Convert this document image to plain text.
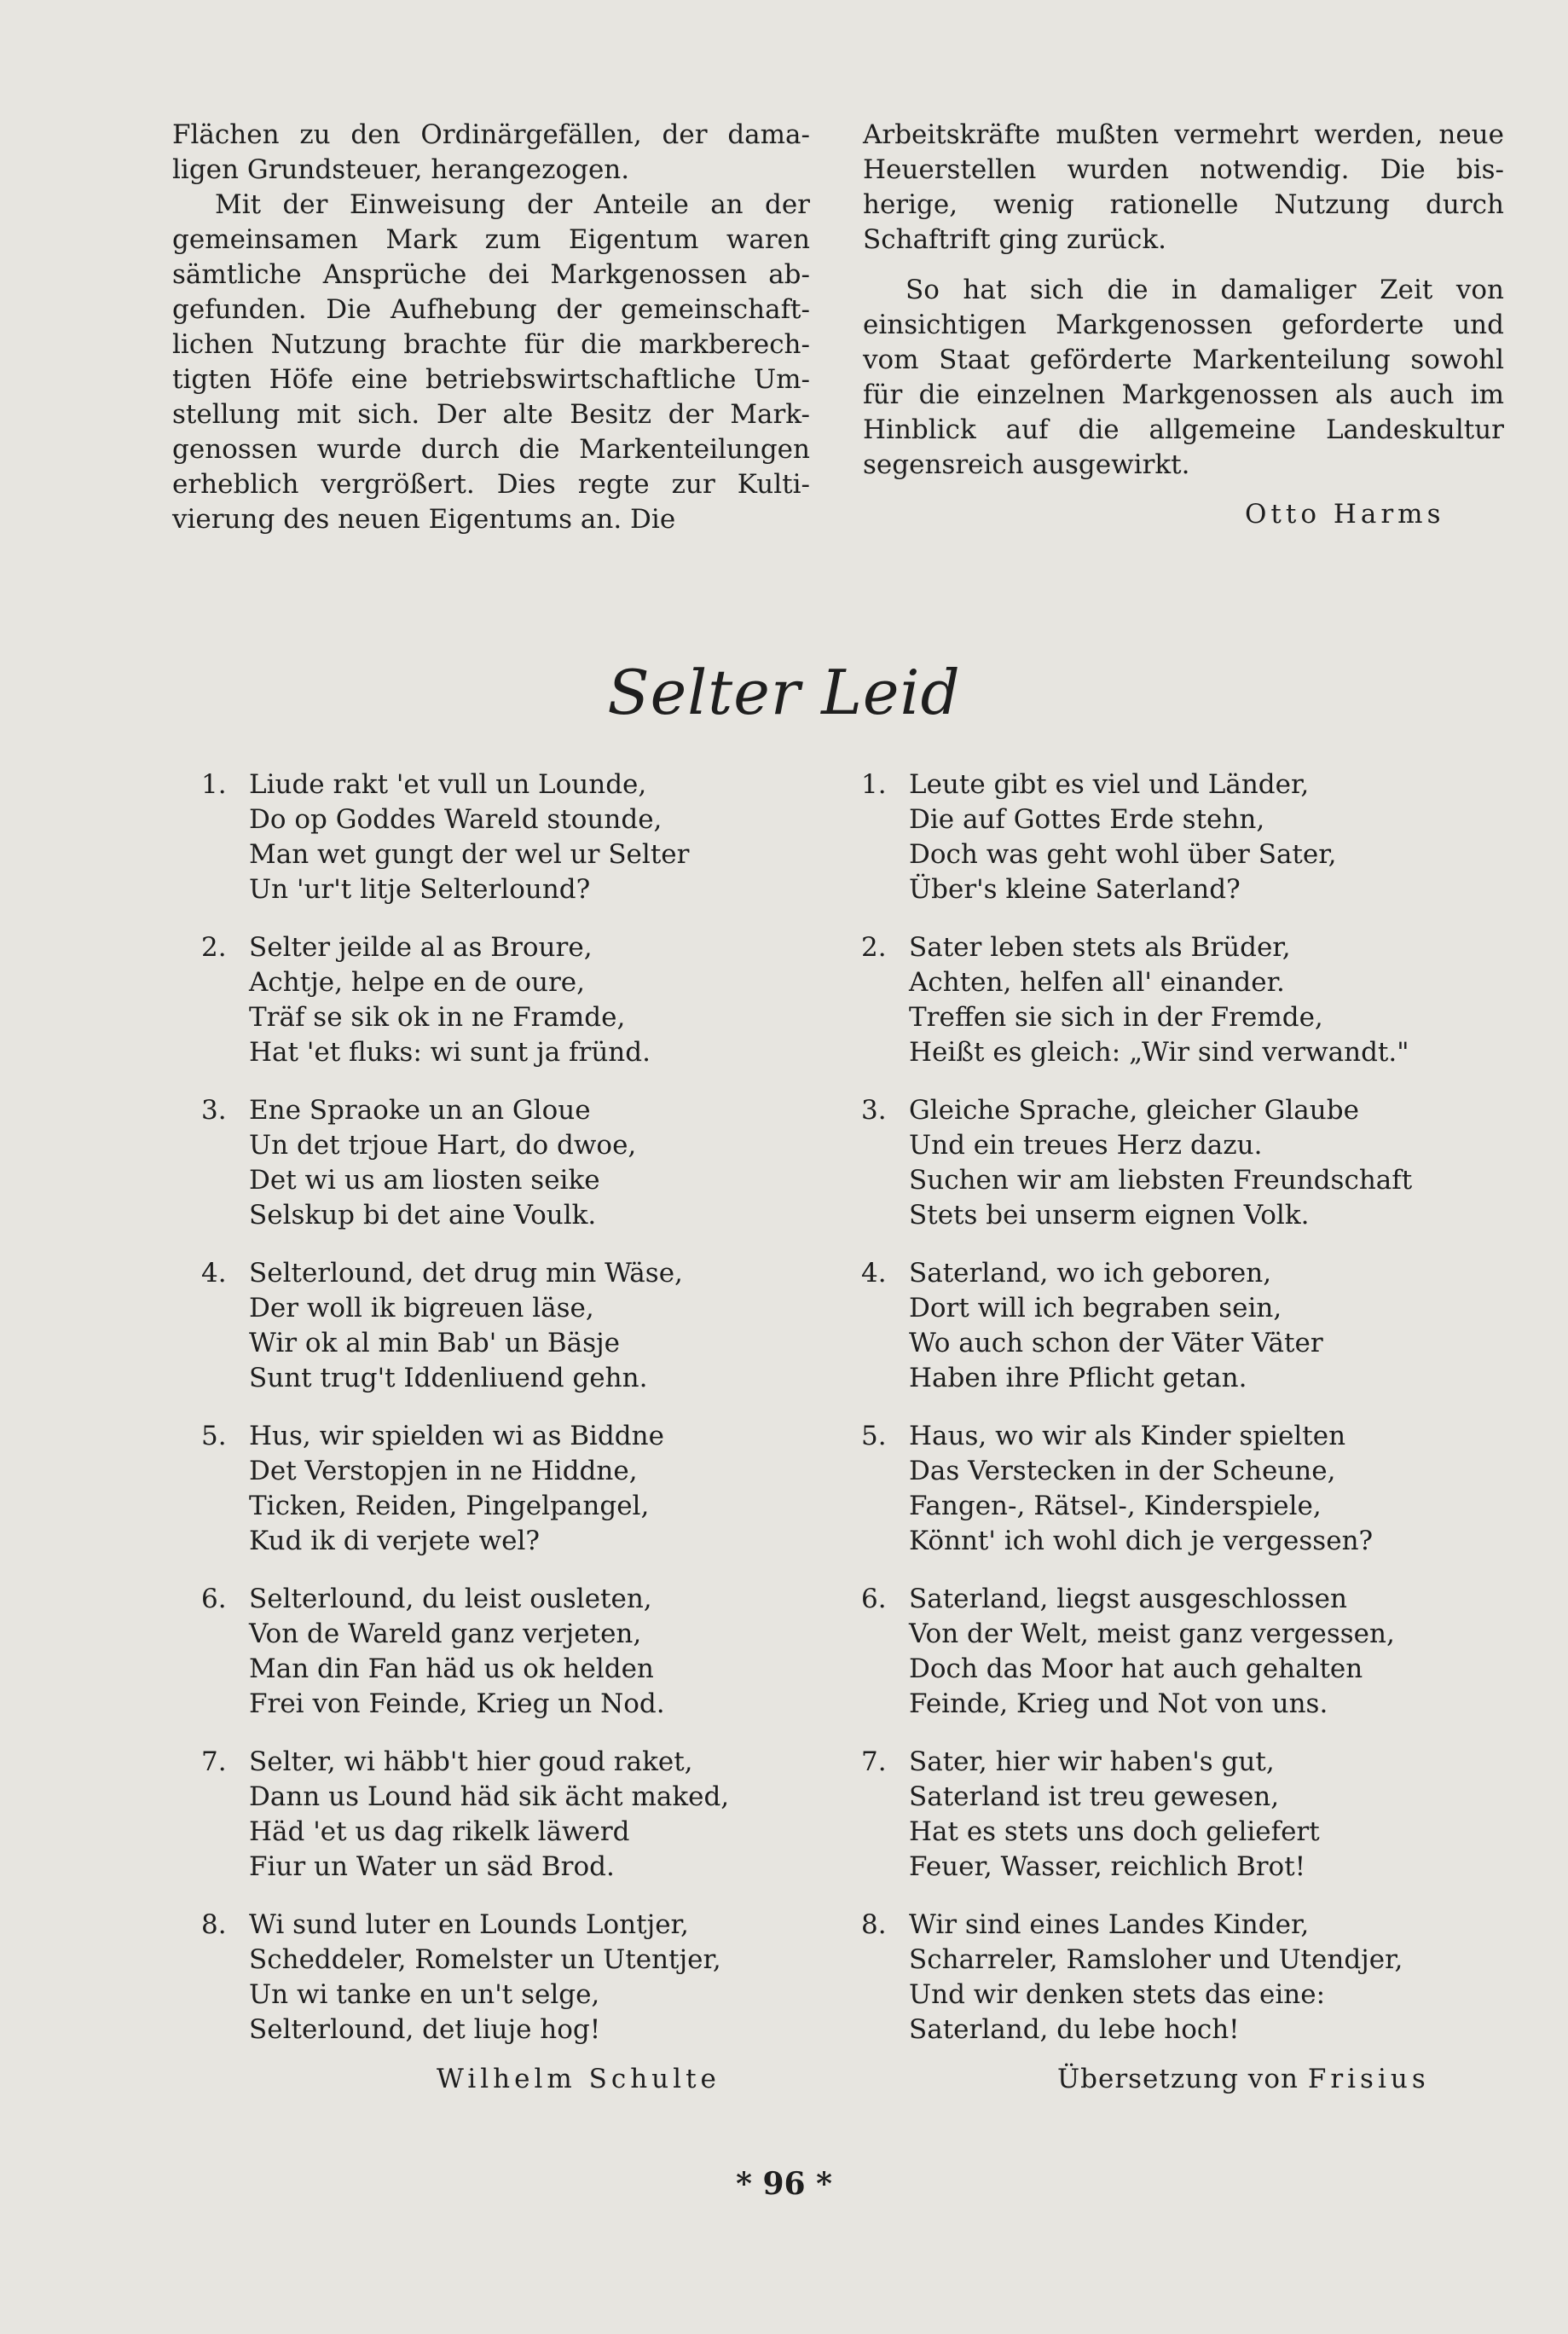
Flächen zu den Ordinärgefällen, der dama- ligen Grundsteuer, herangezogen.

Mit der Einweisung der Anteile an der gemeinsamen Mark zum Eigentum waren sämtliche Ansprüche dei Markgenossen ab- gefunden. Die Aufhebung der gemeinschaft- lichen Nutzung brachte für die markberech- tigten Höfe eine betriebswirtschaftliche Um- stellung mit sich. Der alte Besitz der Mark- genossen wurde durch die Markenteilungen erheblich vergrößert. Dies regte zur Kulti- vierung des neuen Eigentums an. Die

Arbeitskräfte mußten vermehrt werden, neue Heuerstellen wurden notwendig. Die bis- herige, wenig rationelle Nutzung durch Schaftrift ging zurück.

So hat sich die in damaliger Zeit von einsichtigen Markgenossen geforderte und vom Staat geförderte Markenteilung sowohl für die einzelnen Markgenossen als auch im Hinblick auf die allgemeine Landeskultur segensreich ausgewirkt.

Otto Harms
Selter Leid
1. Liude rakt 'et vull un Lounde,
Do op Goddes Wareld stounde,
Man wet gungt der wel ur Selter
Un 'ur't litje Selterlound?
2. Selter jeilde al as Broure,
Achtje, helpe en de oure,
Träf se sik ok in ne Framde,
Hat 'et fluks: wi sunt ja fründ.
3. Ene Spraoke un an Gloue
Un det trjoue Hart, do dwoe,
Det wi us am liosten seike
Selskup bi det aine Voulk.
4. Selterlound, det drug min Wäse,
Der woll ik bigreuen läse,
Wir ok al min Bab' un Bäsje
Sunt trug't Iddenliuend gehn.
5. Hus, wir spielden wi as Biddne
Det Verstopjen in ne Hiddne,
Ticken, Reiden, Pingelpangel,
Kud ik di verjete wel?
6. Selterlound, du leist ousleten,
Von de Wareld ganz verjeten,
Man din Fan häd us ok helden
Frei von Feinde, Krieg un Nod.
7. Selter, wi häbb't hier goud raket,
Dann us Lound häd sik ächt maked,
Häd 'et us dag rikelk läwerd
Fiur un Water un säd Brod.
8. Wi sund luter en Lounds Lontjer,
Scheddeler, Romelster un Utentjer,
Un wi tanke en un't selge,
Selterlound, det liuje hog!
1. Leute gibt es viel und Länder,
Die auf Gottes Erde stehn,
Doch was geht wohl über Sater,
Über's kleine Saterland?
2. Sater leben stets als Brüder,
Achten, helfen all' einander.
Treffen sie sich in der Fremde,
Heißt es gleich: „Wir sind verwandt."
3. Gleiche Sprache, gleicher Glaube
Und ein treues Herz dazu.
Suchen wir am liebsten Freundschaft
Stets bei unserm eignen Volk.
4. Saterland, wo ich geboren,
Dort will ich begraben sein,
Wo auch schon der Väter Väter
Haben ihre Pflicht getan.
5. Haus, wo wir als Kinder spielten
Das Verstecken in der Scheune,
Fangen-, Rätsel-, Kinderspiele,
Könnt' ich wohl dich je vergessen?
6. Saterland, liegst ausgeschlossen
Von der Welt, meist ganz vergessen,
Doch das Moor hat auch gehalten
Feinde, Krieg und Not von uns.
7. Sater, hier wir haben's gut,
Saterland ist treu gewesen,
Hat es stets uns doch geliefert
Feuer, Wasser, reichlich Brot!
8. Wir sind eines Landes Kinder,
Scharreler, Ramsloher und Utendjer,
Und wir denken stets das eine:
Saterland, du lebe hoch!
Wilhelm Schulte	Übersetzung von Frisius
* 96 *
